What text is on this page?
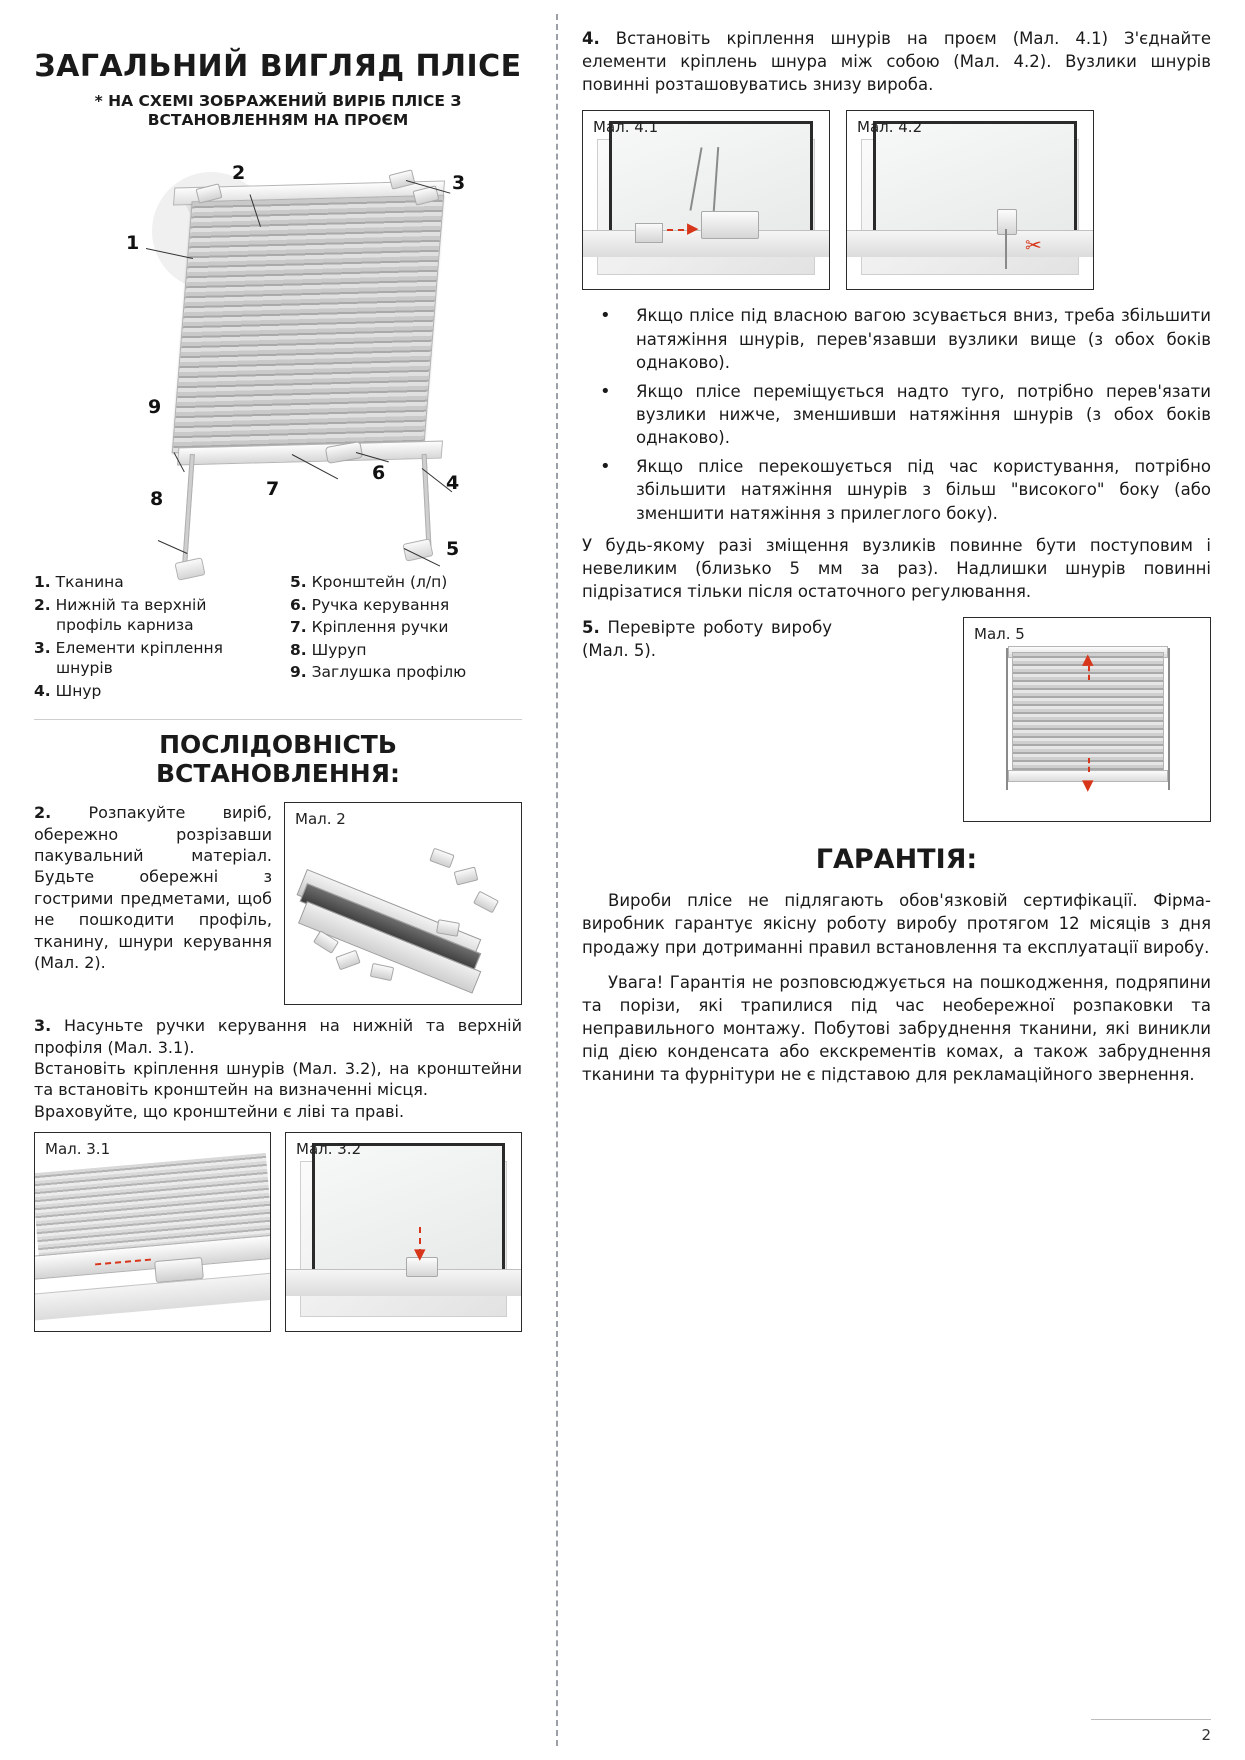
ЗАГАЛЬНИЙ ВИГЛЯД ПЛІСЕ
* НА СХЕМІ ЗОБРАЖЕНИЙ ВИРІБ ПЛІСЕ З ВСТАНОВЛЕННЯМ НА ПРОЄМ
1
2	3
4
5
6
7
8
9
1. Тканина
2. Нижній та верхній
профіль карниза
3. Елементи кріплення
шнурів
4. Шнур
5. Кронштейн (л/п)
6. Ручка керування
7. Кріплення ручки
8. Шуруп
9. Заглушка профілю
ПОСЛІДОВНІСТЬ ВСТАНОВЛЕННЯ:
2. Розпакуйте виріб, обережно розрізавши пакувальний матеріал. Будьте обережні з гострими предметами, щоб не пошкодити профіль, тканину, шнури керування (Мал. 2).
Мал. 2
3. Насуньте ручки керування на нижній та верхній профіля (Мал. 3.1).
Встановіть кріплення шнурів (Мал. 3.2), на кронштейни та встановіть кронштейн на визначенні місця.
Враховуйте, що кронштейни є ліві та праві.
Мал. 3.1	Мал. 3.2
▼
4. Встановіть кріплення шнурів на проєм (Мал. 4.1) З'єднайте елементи кріплень шнура між собою (Мал. 4.2). Вузлики шнурів повинні розташовуватись знизу виробa.
Мал. 4.1
▶
Мал. 4.2
✂
• Якщо пліcе під власною вагою зсувається вниз, треба збільшити натяжіння шнурів, перев'язавши вузлики вище (з обох боків однаково).
• Якщо пліcе переміщується надто туго, потрібно перев'язати вузлики нижче, зменшивши натяжіння шнурів (з обох боків однаково).
• Якщо пліcе перекошується під час користування, потрібно збільшити натяжіння шнурів з більш "високого" боку (або зменшити натяжіння з прилеглого боку).
У будь-якому разі зміщення вузликів повинне бути поступовим і невеликим (близько 5 мм за раз). Надлишки шнурів повинні підрізатися тільки після остаточного регулювання.
5. Перевірте роботу виробу (Мал. 5).
Мал. 5
▲
▼
ГАРАНТІЯ:
Вироби пліcе не підлягають обов'язковій сертифікації. Фірма-виробник гарантує якісну роботу виробу протягом 12 місяців з дня продажу при дотриманні правил встановлення та експлуатації виробу.
Увага! Гарантія не розповсюджується на пошкодження, подряпини та порізи, які трапилися під час необережної розпаковки та неправильного монтажу. Побутові забруднення тканини, які виникли під дією конденсата або екскрементів комах, а також забруднення тканини та фурнітури не є підставою для рекламаційного звернення.
2
